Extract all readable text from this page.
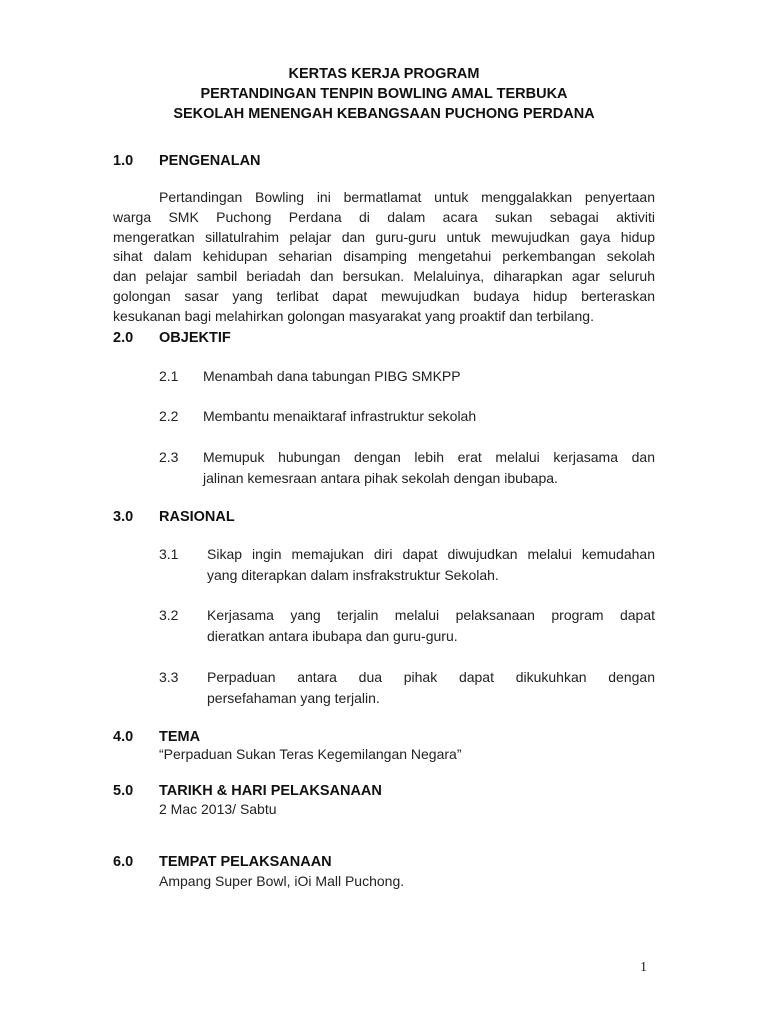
KERTAS KERJA PROGRAM
PERTANDINGAN TENPIN BOWLING AMAL TERBUKA
SEKOLAH MENENGAH KEBANGSAAN PUCHONG PERDANA
1.0	PENGENALAN
Pertandingan Bowling ini bermatlamat untuk menggalakkan penyertaan
warga SMK Puchong Perdana di dalam acara sukan sebagai aktiviti
mengeratkan sillatulrahim pelajar dan guru-guru untuk mewujudkan gaya hidup
sihat dalam kehidupan seharian disamping mengetahui perkembangan sekolah
dan pelajar sambil beriadah dan bersukan. Melaluinya, diharapkan agar seluruh
golongan sasar yang terlibat dapat mewujudkan budaya hidup berteraskan
kesukanan bagi melahirkan golongan masyarakat yang proaktif dan terbilang.
2.0	OBJEKTIF
2.1 Menambah dana tabungan PIBG SMKPP
2.2 Membantu menaiktaraf infrastruktur sekolah
2.3 Memupuk hubungan dengan lebih erat melalui kerjasama dan
jalinan kemesraan antara pihak sekolah dengan ibubapa.
3.0	RASIONAL
3.1 Sikap ingin memajukan diri dapat diwujudkan melalui kemudahan
yang diterapkan dalam insfrakstruktur Sekolah.
3.2 Kerjasama yang terjalin melalui pelaksanaan program dapat
dieratkan antara ibubapa dan guru-guru.
3.3 Perpaduan antara dua pihak dapat dikukuhkan dengan
persefahaman yang terjalin.
4.0	TEMA
“Perpaduan Sukan Teras Kegemilangan Negara”
5.0	TARIKH & HARI PELAKSANAAN
2 Mac 2013/ Sabtu
6.0	TEMPAT PELAKSANAAN
Ampang Super Bowl, iOi Mall Puchong.
1
